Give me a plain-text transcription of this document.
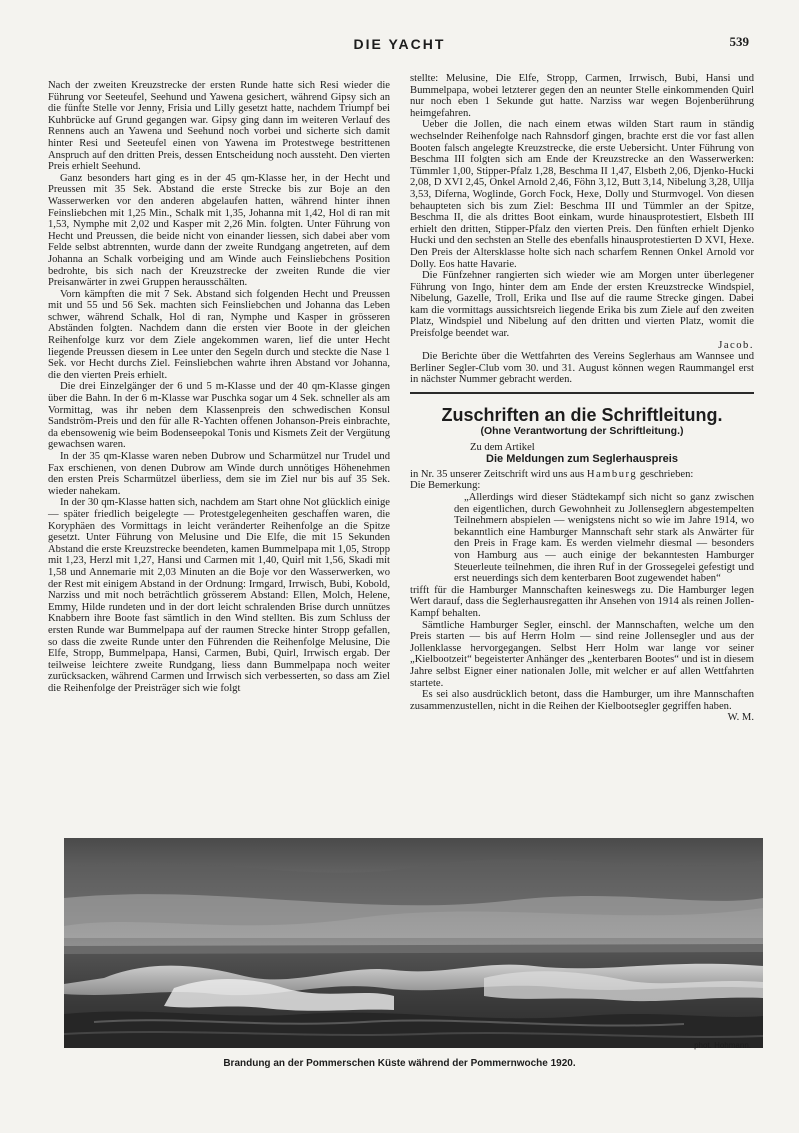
DIE YACHT	539

Nach der zweiten Kreuzstrecke der ersten Runde hatte sich Resi wieder die Führung vor Seeteufel, Seehund und Yawena gesichert, während Gipsy sich an die fünfte Stelle vor Jenny, Frisia und Lilly gesetzt hatte, nachdem Triumpf bei Kuhbrücke auf Grund gegangen war. Gipsy ging dann im weiteren Verlauf des Rennens auch an Yawena und Seehund noch vorbei und sicherte sich damit hinter Resi und Seeteufel einen von Yawena im Protestwege bestrittenen Anspruch auf den dritten Preis, dessen Entscheidung noch aussteht. Den vierten Preis erhielt Seehund.

Ganz besonders hart ging es in der 45 qm-Klasse her, in der Hecht und Preussen mit 35 Sek. Abstand die erste Strecke bis zur Boje an den Wasserwerken vor den anderen abgelaufen hatten, während hinter ihnen Feinsliebchen mit 1,25 Min., Schalk mit 1,35, Johanna mit 1,42, Hol di ran mit 1,53, Nymphe mit 2,02 und Kasper mit 2,26 Min. folgten. Unter Führung von Hecht und Preussen, die beide nicht von einander liessen, sich dabei aber vom Felde selbst abtrennten, wurde dann der zweite Rundgang angetreten, auf dem Johanna an Schalk vorbeiging und am Winde auch Feinsliebchens Position bedrohte, bis sich nach der Kreuzstrecke der zweiten Runde die vier Preisanwärter in zwei Gruppen herausschälten.

Vorn kämpften die mit 7 Sek. Abstand sich folgenden Hecht und Preussen mit und 55 und 56 Sek. machten sich Feinsliebchen und Johanna das Leben schwer, während Schalk, Hol di ran, Nymphe und Kasper in grösseren Abständen folgten. Nachdem dann die ersten vier Boote in der gleichen Reihenfolge kurz vor dem Ziele angekommen waren, lief die unter Hecht liegende Preussen diesem in Lee unter den Segeln durch und steckte die Nase 1 Sek. vor Hecht durchs Ziel. Feinsliebchen wahrte ihren Abstand vor Johanna, die den vierten Preis erhielt.

Die drei Einzelgänger der 6 und 5 m-Klasse und der 40 qm-Klasse gingen über die Bahn. In der 6 m-Klasse war Puschka sogar um 4 Sek. schneller als am Vormittag, was ihr neben dem Klassenpreis den schwedischen Konsul Sandström-Preis und den für alle R-Yachten offenen Johanson-Preis einbrachte, da ebensowenig wie beim Bodenseepokal Tonis und Kismets Zeit der Vergütung gewachsen waren.

In der 35 qm-Klasse waren neben Dubrow und Scharmützel nur Trudel und Fax erschienen, von denen Dubrow am Winde durch unnötiges Höhenehmen den ersten Preis Scharmützel überliess, dem sie im Ziel nur bis auf 35 Sek. wieder nahekam.

In der 30 qm-Klasse hatten sich, nachdem am Start ohne Not glücklich einige — später friedlich beigelegte — Protestgelegenheiten geschaffen waren, die Koryphäen des Vormittags in leicht veränderter Reihenfolge an die Spitze gesetzt. Unter Führung von Melusine und Die Elfe, die mit 15 Sekunden Abstand die erste Kreuzstrecke beendeten, kamen Bummelpapa mit 1,05, Stropp mit 1,23, Herzl mit 1,27, Hansi und Carmen mit 1,40, Quirl mit 1,56, Skadi mit 1,58 und Annemarie mit 2,03 Minuten an die Boje vor den Wasserwerken, wo der Rest mit einigem Abstand in der Ordnung: Irmgard, Irrwisch, Bubi, Kobold, Narziss und mit noch beträchtlich grösserem Abstand: Ellen, Molch, Helene, Emmy, Hilde rundeten und in der dort leicht schralenden Brise durch unnützes Knabbern ihre Boote fast sämtlich in den Wind stellten. Bis zum Schluss der ersten Runde war Bummelpapa auf der raumen Strecke hinter Stropp gefallen, so dass die zweite Runde unter den Führenden die Reihenfolge Melusine, Die Elfe, Stropp, Bummelpapa, Hansi, Carmen, Bubi, Quirl, Irrwisch ergab. Der teilweise leichtere zweite Rundgang, liess dann Bummelpapa noch weiter zurücksacken, während Carmen und Irrwisch sich verbesserten, so dass am Ziel die Reihenfolge der Preisträger sich wie folgt

stellte: Melusine, Die Elfe, Stropp, Carmen, Irrwisch, Bubi, Hansi und Bummelpapa, wobei letzterer gegen den an neunter Stelle einkommenden Quirl nur noch eben 1 Sekunde gut hatte. Narziss war wegen Bojenberührung heimgefahren.

Ueber die Jollen, die nach einem etwas wilden Start raum in ständig wechselnder Reihenfolge nach Rahnsdorf gingen, brachte erst die vor fast allen Booten falsch angelegte Kreuzstrecke, die erste Uebersicht. Unter Führung von Beschma III folgten sich am Ende der Kreuzstrecke an den Wasserwerken: Tümmler 1,00, Stipper-Pfalz 1,28, Beschma II 1,47, Elsbeth 2,06, Djenko-Hucki 2,08, D XVI 2,45, Onkel Arnold 2,46, Föhn 3,12, Butt 3,14, Nibelung 3,28, Ullja 3,53, Diferna, Woglinde, Gorch Fock, Hexe, Dolly und Sturmvogel. Von diesen behaupteten sich bis zum Ziel: Beschma III und Tümmler an der Spitze, Beschma II, die als drittes Boot einkam, wurde hinausprotestiert, Elsbeth III erhielt den dritten, Stipper-Pfalz den vierten Preis. Den fünften erhielt Djenko Hucki und den sechsten an Stelle des ebenfalls hinausprotestierten D XVI, Hexe. Den Preis der Altersklasse holte sich nach scharfem Rennen Onkel Arnold vor Dolly. Eos hatte Havarie.

Die Fünfzehner rangierten sich wieder wie am Morgen unter überlegener Führung von Ingo, hinter dem am Ende der ersten Kreuzstrecke Windspiel, Nibelung, Gazelle, Troll, Erika und Ilse auf die raume Strecke gingen. Dabei kam die vormittags aussichtsreich liegende Erika bis zum Ziele auf den zweiten Platz, Windspiel und Nibelung auf den dritten und vierten Platz, womit die Preisfolge beendet war.

Jacob.

Die Berichte über die Wettfahrten des Vereins Seglerhaus am Wannsee und Berliner Segler-Club vom 30. und 31. August können wegen Raummangel erst in nächster Nummer gebracht werden.

Zuschriften an die Schriftleitung.
(Ohne Verantwortung der Schriftleitung.)

Zu dem Artikel

Die Meldungen zum Seglerhauspreis

in Nr. 35 unserer Zeitschrift wird uns aus Hamburg geschrieben:

Die Bemerkung:

„Allerdings wird dieser Städtekampf sich nicht so ganz zwischen den eigentlichen, durch Gewohnheit zu Jollenseglern abgestempelten Teilnehmern abspielen — wenigstens nicht so wie im Jahre 1914, wo bekanntlich eine Hamburger Mannschaft sehr stark als Anwärter für den Preis in Frage kam. Es werden vielmehr diesmal — besonders von Hamburg aus — auch einige der bekanntesten Hamburger Steuerleute teilnehmen, die ihren Ruf in der Grossegelei gefestigt und erst neuerdings sich dem kenterbaren Boot zugewendet haben“

trifft für die Hamburger Mannschaften keineswegs zu. Die Hamburger legen Wert darauf, dass die Seglerhausregatten ihr Ansehen von 1914 als reinen Jollen-Kampf behalten.

Sämtliche Hamburger Segler, einschl. der Mannschaften, welche um den Preis starten — bis auf Herrn Holm — sind reine Jollensegler und aus der Jollenklasse hervorgegangen. Selbst Herr Holm war lange vor seiner „Kielbootzeit“ begeisterter Anhänger des „kenterbaren Bootes“ und ist in diesem Jahre selbst Eigner einer nationalen Jolle, mit welcher er auf allen Wettfahrten startete.

Es sei also ausdrücklich betont, dass die Hamburger, um ihre Mannschaften zusammenzustellen, nicht in die Reihen der Kielbootsegler gegriffen haben.

W. M.

phot. Hohmann.
Brandung an der Pommerschen Küste während der Pommernwoche 1920.
